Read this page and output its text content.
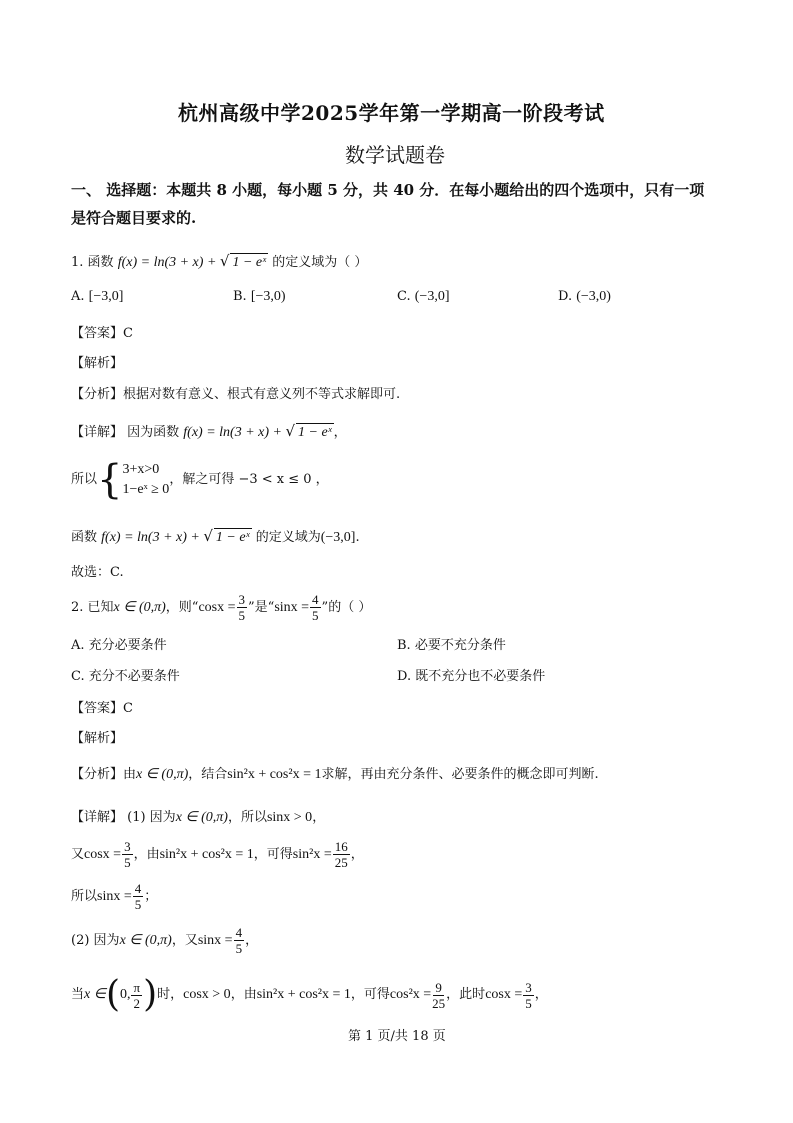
杭州高级中学2025学年第一学期高一阶段考试
数学试题卷
一、 选择题：本题共 8 小题，每小题 5 分，共 40 分．在每小题给出的四个选项中，只有一项
是符合题目要求的.
1. 函数 f(x) = ln(3 + x) + √ 1 − eˣ 的定义域为（ ）
A. [−3,0]	B. [−3,0)	C. (−3,0]	D. (−3,0)
【答案】C
【解析】
【分析】根据对数有意义、根式有意义列不等式求解即可.
【详解】 因为函数 f(x) = ln(3 + x) + √ 1 − eˣ ，
所以 { 3+x>0
1−eˣ ≥ 0
，解之可得 −3 < x ≤ 0 ，
函数 f(x) = ln(3 + x) + √ 1 − eˣ 的定义域为(−3,0].
故选：C.
2. 已知 x ∈ (0,π) ，则“ $\cos x = \frac{3}{5}$ ”是“ $\sin x = \frac{4}{5}$ ”的（ ）
A. 充分必要条件	B. 必要不充分条件
C. 充分不必要条件	D. 既不充分也不必要条件
【答案】C
【解析】
【分析】由x ∈ (0,π)，结合sin²x + cos²x = 1求解，再由充分条件、必要条件的概念即可判断.
【详解】 (1) 因为x ∈ (0,π)，所以sinx > 0，
又 $\cos x = \frac{3}{5}$ ，由 sin²x + cos²x = 1 ，可得 $\sin^2x = \frac{16}{25}$ ，
所以 $\sin x = \frac{4}{5}$ ；
(2) 因为 x ∈ (0,π) ，又 $\sin x = \frac{4}{5}$ ，
当 x ∈ ( 0, $\frac{\pi}{2}$ ) 时， cosx > 0 ，由 sin²x + cos²x = 1 ，可得 $\cos^2x = \frac{9}{25}$ ，此时 $\cos x = \frac{3}{5}$ ，
第 1 页/共 18 页
